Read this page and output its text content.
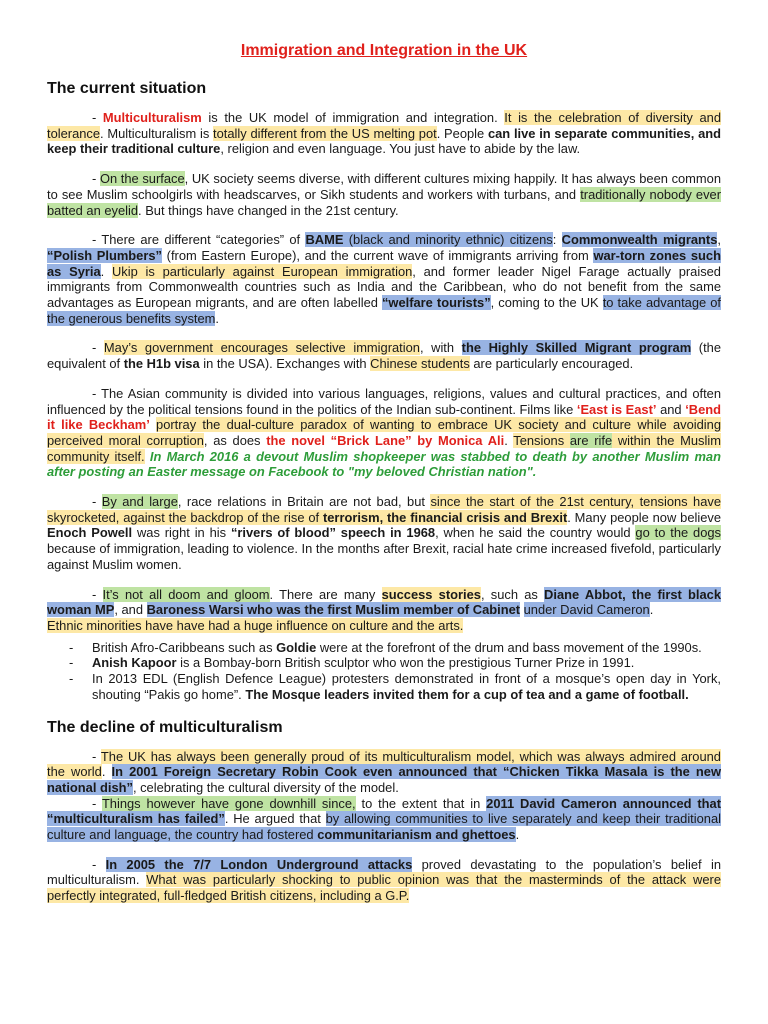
Immigration and Integration in the UK
The current situation

- Multiculturalism is the UK model of immigration and integration. It is the celebration of diversity and tolerance. Multiculturalism is totally different from the US melting pot. People can live in separate communities, and keep their traditional culture, religion and even language. You just have to abide by the law.

- On the surface, UK society seems diverse, with different cultures mixing happily. It has always been common to see Muslim schoolgirls with headscarves, or Sikh students and workers with turbans, and traditionally nobody ever batted an eyelid. But things have changed in the 21st century.

- There are different “categories” of BAME (black and minority ethnic) citizens: Commonwealth migrants, “Polish Plumbers” (from Eastern Europe), and the current wave of immigrants arriving from war-torn zones such as Syria. Ukip is particularly against European immigration, and former leader Nigel Farage actually praised immigrants from Commonwealth countries such as India and the Caribbean, who do not benefit from the same advantages as European migrants, and are often labelled “welfare tourists”, coming to the UK to take advantage of the generous benefits system.

- May’s government encourages selective immigration, with the Highly Skilled Migrant program (the equivalent of the H1b visa in the USA). Exchanges with Chinese students are particularly encouraged.

- The Asian community is divided into various languages, religions, values and cultural practices, and often influenced by the political tensions found in the politics of the Indian sub-continent. Films like ‘East is East’ and ‘Bend it like Beckham’ portray the dual-culture paradox of wanting to embrace UK society and culture while avoiding perceived moral corruption, as does the novel “Brick Lane” by Monica Ali. Tensions are rife within the Muslim community itself. In March 2016 a devout Muslim shopkeeper was stabbed to death by another Muslim man after posting an Easter message on Facebook to "my beloved Christian nation".

- By and large, race relations in Britain are not bad, but since the start of the 21st century, tensions have skyrocketed, against the backdrop of the rise of terrorism, the financial crisis and Brexit. Many people now believe Enoch Powell was right in his “rivers of blood” speech in 1968, when he said the country would go to the dogs because of immigration, leading to violence. In the months after Brexit, racial hate crime increased fivefold, particularly against Muslim women.

- It’s not all doom and gloom. There are many success stories, such as Diane Abbot, the first black woman MP, and Baroness Warsi who was the first Muslim member of Cabinet under David Cameron.

Ethnic minorities have have had a huge influence on culture and the arts.

- British Afro-Caribbeans such as Goldie were at the forefront of the drum and bass movement of the 1990s.
- Anish Kapoor is a Bombay-born British sculptor who won the prestigious Turner Prize in 1991.
- In 2013 EDL (English Defence League) protesters demonstrated in front of a mosque’s open day in York, shouting “Pakis go home”. The Mosque leaders invited them for a cup of tea and a game of football.
The decline of multiculturalism

- The UK has always been generally proud of its multiculturalism model, which was always admired around the world. In 2001 Foreign Secretary Robin Cook even announced that “Chicken Tikka Masala is the new national dish”, celebrating the cultural diversity of the model.

- Things however have gone downhill since, to the extent that in 2011 David Cameron announced that “multiculturalism has failed”. He argued that by allowing communities to live separately and keep their traditional culture and language, the country had fostered communitarianism and ghettoes.

- In 2005 the 7/7 London Underground attacks proved devastating to the population’s belief in multiculturalism. What was particularly shocking to public opinion was that the masterminds of the attack were perfectly integrated, full-fledged British citizens, including a G.P.
